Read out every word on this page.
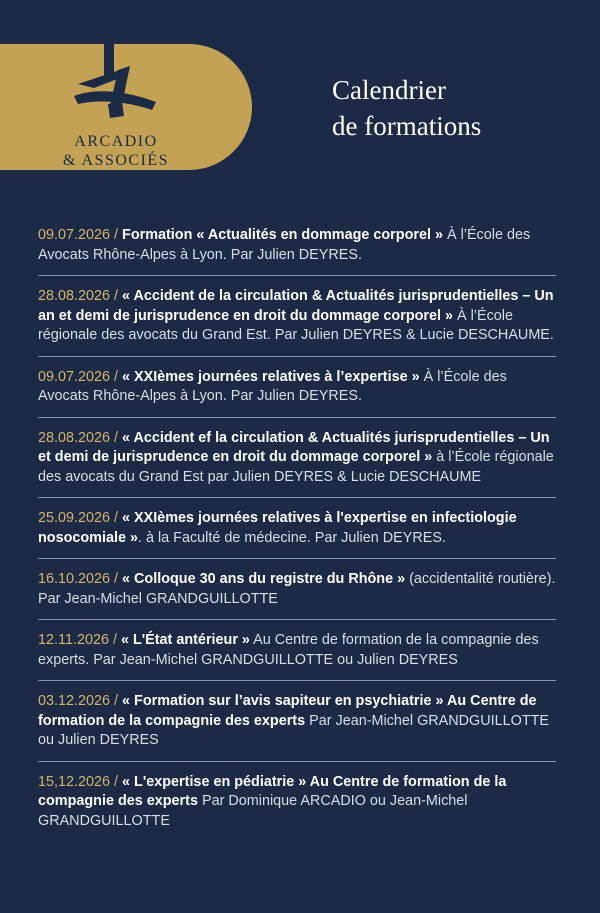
ARCADIO
& ASSOCIÉS
Calendrier
de formations
09.07.2026 / Formation « Actualités en dommage corporel » À l’École des Avocats Rhône-Alpes à Lyon. Par Julien DEYRES.
28.08.2026 / « Accident de la circulation & Actualités jurisprudentielles – Un an et demi de jurisprudence en droit du dommage corporel » À l’École régionale des avocats du Grand Est. Par Julien DEYRES & Lucie DESCHAUME.
09.07.2026 / « XXIèmes journées relatives à l’expertise » À l’École des Avocats Rhône-Alpes à Lyon. Par Julien DEYRES.
28.08.2026 / « Accident ef la circulation & Actualités jurisprudentielles – Un et demi de jurisprudence en droit du dommage corporel » à l’École régionale des avocats du Grand Est par Julien DEYRES & Lucie DESCHAUME
25.09.2026 / « XXIèmes journées relatives à l'expertise en infectiologie nosocomiale ». à la Faculté de médecine. Par Julien DEYRES.
16.10.2026 / « Colloque 30 ans du registre du Rhône » (accidentalité routière). Par Jean-Michel GRANDGUILLOTTE
12.11.2026 / « L'État antérieur » Au Centre de formation de la compagnie des experts. Par Jean-Michel GRANDGUILLOTTE ou Julien DEYRES
03.12.2026 / « Formation sur l’avis sapiteur en psychiatrie » Au Centre de formation de la compagnie des experts Par Jean-Michel GRANDGUILLOTTE ou Julien DEYRES
15,12.2026 / « L'expertise en pédiatrie » Au Centre de formation de la compagnie des experts Par Dominique ARCADIO ou Jean-Michel GRANDGUILLOTTE
